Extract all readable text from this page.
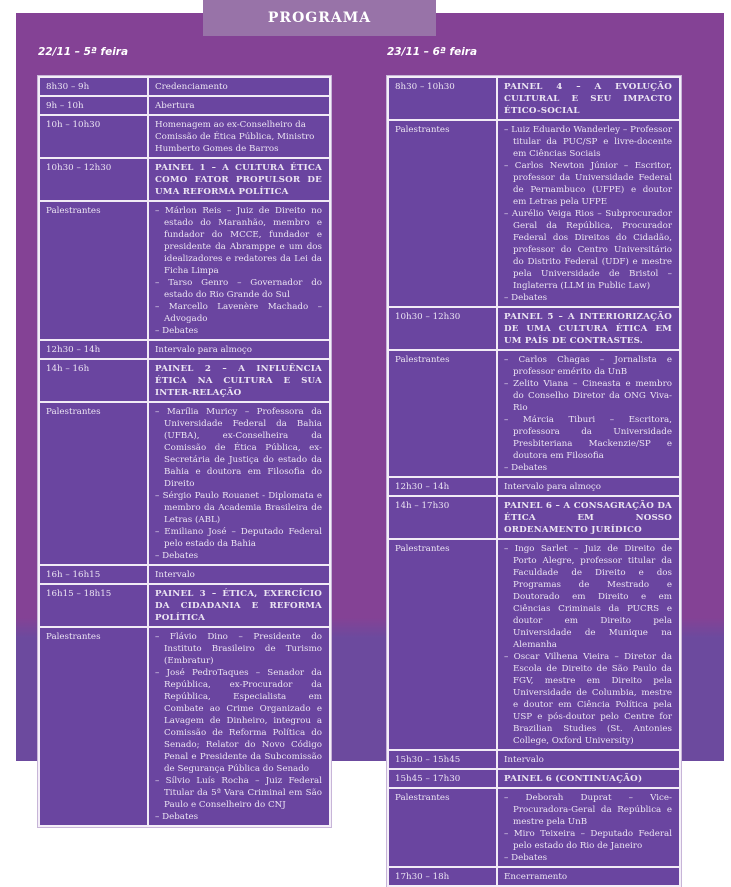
PROGRAMA
22/11 – 5ª feira	23/11 – 6ª feira
8h30 – 9h	Credenciamento
9h – 10h	Abertura
10h – 10h30	Homenagem ao ex-Conselheiro da Comissão de Ética Pública, Ministro Humberto Gomes de Barros
10h30 – 12h30	PAINEL 1 – A CULTURA ÉTICA COMO FATOR PROPULSOR DE UMA REFORMA POLÍTICA
Palestrantes	– Márlon Reis – Juiz de Direito no estado do Maranhão, membro e fundador do MCCE, fundador e presidente da Abramppe e um dos idealizadores e redatores da Lei da Ficha Limpa
– Tarso Genro – Governador do estado do Rio Grande do Sul
– Marcello Lavenère Machado – Advogado
– Debates

12h30 – 14h	Intervalo para almoço
14h – 16h	PAINEL 2 – A INFLUÊNCIA ÉTICA NA CULTURA E SUA INTER-RELAÇÃO
Palestrantes	– Marília Muricy – Professora da Universidade Federal da Bahia (UFBA), ex-Conselheira da Comissão de Ética Pública, ex-Secretária de Justiça do estado da Bahia e doutora em Filosofia do Direito
– Sérgio Paulo Rouanet - Diplomata e membro da Academia Brasileira de Letras (ABL)
– Emiliano José – Deputado Federal pelo estado da Bahia
– Debates

16h – 16h15	Intervalo
16h15 – 18h15	PAINEL 3 – ÉTICA, EXERCÍCIO DA CIDADANIA E REFORMA POLÍTICA
Palestrantes	– Flávio Dino – Presidente do Instituto Brasileiro de Turismo (Embratur)
– José PedroTaques – Senador da República, ex-Procurador da República, Especialista em Combate ao Crime Organizado e Lavagem de Dinheiro, integrou a Comissão de Reforma Política do Senado; Relator do Novo Código Penal e Presidente da Subcomissão de Segurança Pública do Senado
– Sílvio Luís Rocha – Juiz Federal Titular da 5ª Vara Criminal em São Paulo e Conselheiro do CNJ
– Debates
8h30 – 10h30	PAINEL 4 – A EVOLUÇÃO CULTURAL E SEU IMPACTO ÉTICO-SOCIAL
Palestrantes	– Luiz Eduardo Wanderley – Professor titular da PUC/SP e livre-docente em Ciências Sociais
– Carlos Newton Júnior – Escritor, professor da Universidade Federal de Pernambuco (UFPE) e doutor em Letras pela UFPE
– Aurélio Veiga Rios – Subprocurador Geral da República, Procurador Federal dos Direitos do Cidadão, professor do Centro Universitário do Distrito Federal (UDF) e mestre pela Universidade de Bristol – Inglaterra (LLM in Public Law)
– Debates

10h30 – 12h30	PAINEL 5 – A INTERIORIZAÇÃO DE UMA CULTURA ÉTICA EM UM PAÍS DE CONTRASTES.
Palestrantes	– Carlos Chagas – Jornalista e professor emérito da UnB
– Zelito Viana – Cineasta e membro do Conselho Diretor da ONG Viva-Rio
– Márcia Tiburi – Escritora, professora da Universidade Presbiteriana Mackenzie/SP e doutora em Filosofia
– Debates

12h30 – 14h	Intervalo para almoço
14h – 17h30	PAINEL 6 – A CONSAGRAÇÃO DA ÉTICA EM NOSSO ORDENAMENTO JURÍDICO
Palestrantes	– Ingo Sarlet – Juiz de Direito de Porto Alegre, professor titular da Faculdade de Direito e dos Programas de Mestrado e Doutorado em Direito e em Ciências Criminais da PUCRS e doutor em Direito pela Universidade de Munique na Alemanha
– Oscar Vilhena Vieira – Diretor da Escola de Direito de São Paulo da FGV, mestre em Direito pela Universidade de Columbia, mestre e doutor em Ciência Política pela USP e pós-doutor pelo Centre for Brazilian Studies (St. Antonies College, Oxford University)

15h30 – 15h45	Intervalo
15h45 – 17h30	PAINEL 6 (CONTINUAÇÃO)
Palestrantes	– Deborah Duprat – Vice-Procuradora-Geral da República e mestre pela UnB
– Miro Teixeira – Deputado Federal pelo estado do Rio de Janeiro
– Debates

17h30 – 18h	Encerramento
